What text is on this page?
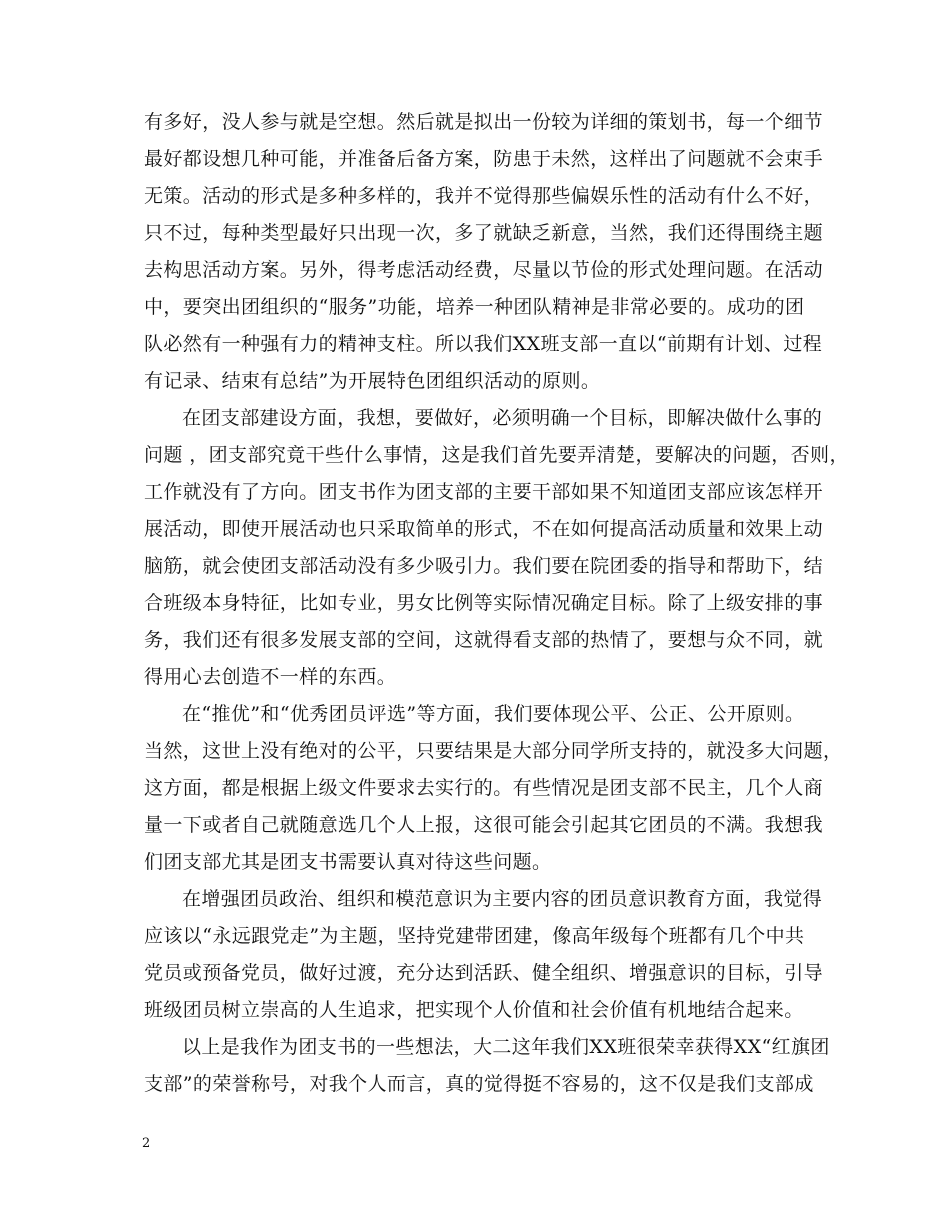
有多好，没人参与就是空想。然后就是拟出一份较为详细的策划书，每一个细节
最好都设想几种可能，并准备后备方案，防患于未然，这样出了问题就不会束手
无策。活动的形式是多种多样的，我并不觉得那些偏娱乐性的活动有什么不好，
只不过，每种类型最好只出现一次，多了就缺乏新意，当然，我们还得围绕主题
去构思活动方案。另外，得考虑活动经费，尽量以节俭的形式处理问题。在活动
中，要突出团组织的“服务”功能，培养一种团队精神是非常必要的。成功的团
队必然有一种强有力的精神支柱。所以我们XX班支部一直以“前期有计划、过程
有记录、结束有总结”为开展特色团组织活动的原则。
在团支部建设方面，我想，要做好，必须明确一个目标，即解决做什么事的
问题 ，团支部究竟干些什么事情，这是我们首先要弄清楚，要解决的问题，否则，
工作就没有了方向。团支书作为团支部的主要干部如果不知道团支部应该怎样开
展活动，即使开展活动也只采取简单的形式，不在如何提高活动质量和效果上动
脑筋，就会使团支部活动没有多少吸引力。我们要在院团委的指导和帮助下，结
合班级本身特征，比如专业，男女比例等实际情况确定目标。除了上级安排的事
务，我们还有很多发展支部的空间，这就得看支部的热情了，要想与众不同，就
得用心去创造不一样的东西。
在“推优”和“优秀团员评选”等方面，我们要体现公平、公正、公开原则。
当然，这世上没有绝对的公平，只要结果是大部分同学所支持的，就没多大问题，
这方面，都是根据上级文件要求去实行的。有些情况是团支部不民主，几个人商
量一下或者自己就随意选几个人上报，这很可能会引起其它团员的不满。我想我
们团支部尤其是团支书需要认真对待这些问题。
在增强团员政治、组织和模范意识为主要内容的团员意识教育方面，我觉得
应该以“永远跟党走”为主题，坚持党建带团建，像高年级每个班都有几个中共
党员或预备党员，做好过渡，充分达到活跃、健全组织、增强意识的目标，引导
班级团员树立崇高的人生追求，把实现个人价值和社会价值有机地结合起来。
以上是我作为团支书的一些想法，大二这年我们XX班很荣幸获得XX“红旗团
支部”的荣誉称号，对我个人而言，真的觉得挺不容易的，这不仅是我们支部成
2
